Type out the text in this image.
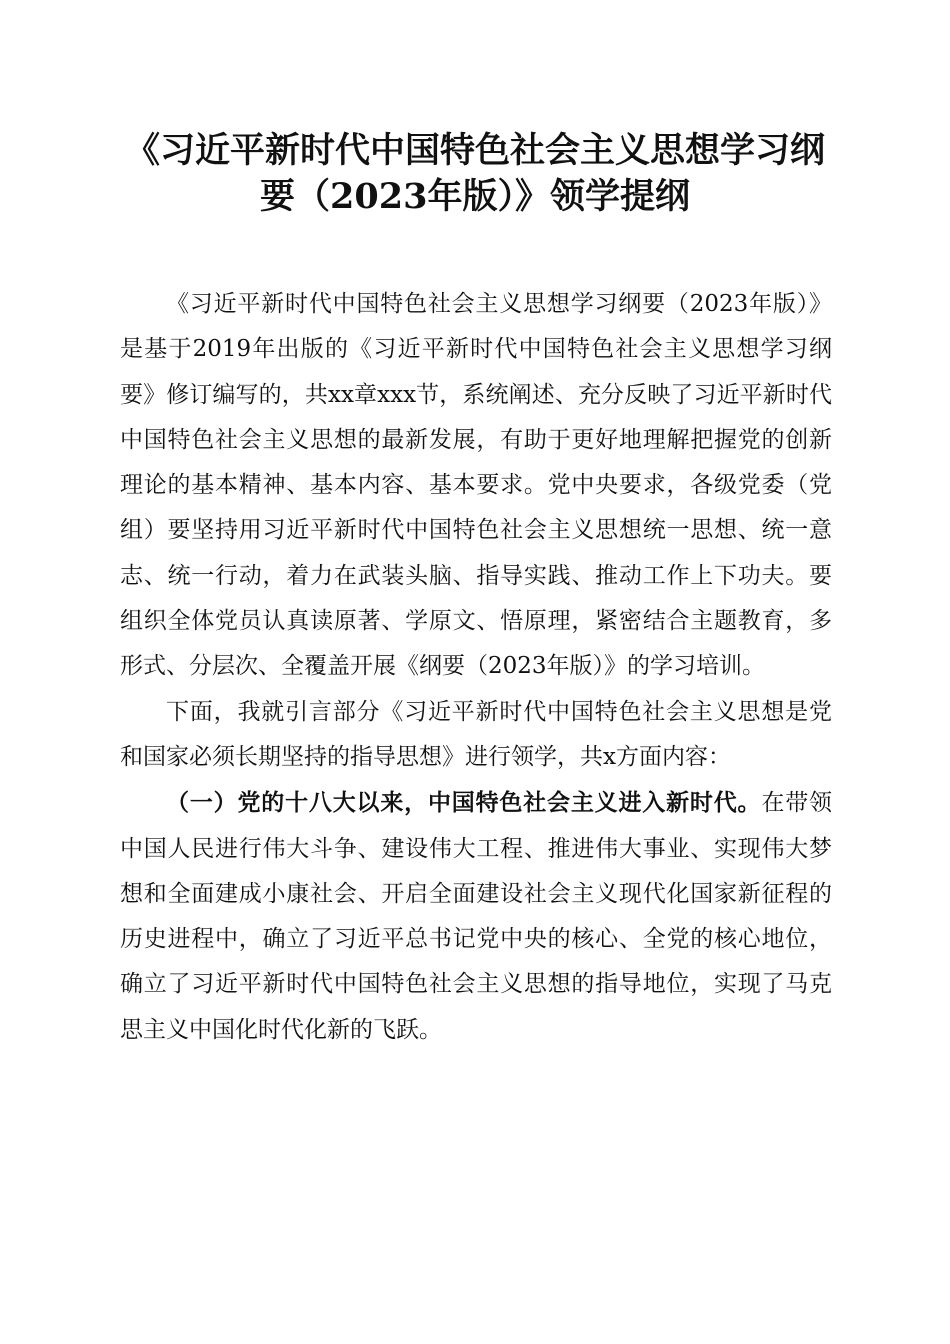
《习近平新时代中国特色社会主义思想学习纲
要（2023年版）》领学提纲

《习近平新时代中国特色社会主义思想学习纲要（2023年版）》是基于2019年出版的《习近平新时代中国特色社会主义思想学习纲要》修订编写的，共xx章xxx节，系统阐述、充分反映了习近平新时代中国特色社会主义思想的最新发展，有助于更好地理解把握党的创新理论的基本精神、基本内容、基本要求。党中央要求，各级党委（党组）要坚持用习近平新时代中国特色社会主义思想统一思想、统一意志、统一行动，着力在武装头脑、指导实践、推动工作上下功夫。要组织全体党员认真读原著、学原文、悟原理，紧密结合主题教育，多形式、分层次、全覆盖开展《纲要（2023年版）》的学习培训。

下面，我就引言部分《习近平新时代中国特色社会主义思想是党和国家必须长期坚持的指导思想》进行领学，共x方面内容：

（一）党的十八大以来，中国特色社会主义进入新时代。在带领中国人民进行伟大斗争、建设伟大工程、推进伟大事业、实现伟大梦想和全面建成小康社会、开启全面建设社会主义现代化国家新征程的历史进程中，确立了习近平总书记党中央的核心、全党的核心地位，确立了习近平新时代中国特色社会主义思想的指导地位，实现了马克思主义中国化时代化新的飞跃。
